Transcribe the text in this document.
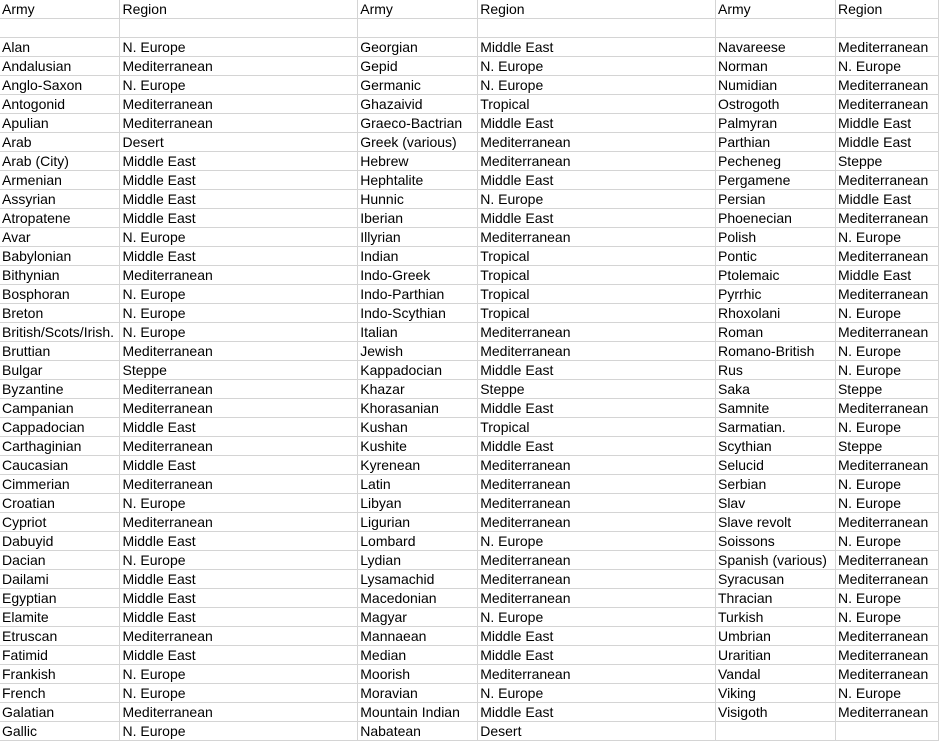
Army	Region	Army	Region	Army	Region

Alan	N. Europe	Georgian	Middle East	Navareese	Mediterranean
Andalusian	Mediterranean	Gepid	N. Europe	Norman	N. Europe
Anglo-Saxon	N. Europe	Germanic	N. Europe	Numidian	Mediterranean
Antogonid	Mediterranean	Ghazaivid	Tropical	Ostrogoth	Mediterranean
Apulian	Mediterranean	Graeco-Bactrian	Middle East	Palmyran	Middle East
Arab	Desert	Greek (various)	Mediterranean	Parthian	Middle East
Arab (City)	Middle East	Hebrew	Mediterranean	Pecheneg	Steppe
Armenian	Middle East	Hephtalite	Middle East	Pergamene	Mediterranean
Assyrian	Middle East	Hunnic	N. Europe	Persian	Middle East
Atropatene	Middle East	Iberian	Middle East	Phoenecian	Mediterranean
Avar	N. Europe	Illyrian	Mediterranean	Polish	N. Europe
Babylonian	Middle East	Indian	Tropical	Pontic	Mediterranean
Bithynian	Mediterranean	Indo-Greek	Tropical	Ptolemaic	Middle East
Bosphoran	N. Europe	Indo-Parthian	Tropical	Pyrrhic	Mediterranean
Breton	N. Europe	Indo-Scythian	Tropical	Rhoxolani	N. Europe
British/Scots/Irish.	N. Europe	Italian	Mediterranean	Roman	Mediterranean
Bruttian	Mediterranean	Jewish	Mediterranean	Romano-British	N. Europe
Bulgar	Steppe	Kappadocian	Middle East	Rus	N. Europe
Byzantine	Mediterranean	Khazar	Steppe	Saka	Steppe
Campanian	Mediterranean	Khorasanian	Middle East	Samnite	Mediterranean
Cappadocian	Middle East	Kushan	Tropical	Sarmatian.	N. Europe
Carthaginian	Mediterranean	Kushite	Middle East	Scythian	Steppe
Caucasian	Middle East	Kyrenean	Mediterranean	Selucid	Mediterranean
Cimmerian	Mediterranean	Latin	Mediterranean	Serbian	N. Europe
Croatian	N. Europe	Libyan	Mediterranean	Slav	N. Europe
Cypriot	Mediterranean	Ligurian	Mediterranean	Slave revolt	Mediterranean
Dabuyid	Middle East	Lombard	N. Europe	Soissons	N. Europe
Dacian	N. Europe	Lydian	Mediterranean	Spanish (various)	Mediterranean
Dailami	Middle East	Lysamachid	Mediterranean	Syracusan	Mediterranean
Egyptian	Middle East	Macedonian	Mediterranean	Thracian	N. Europe
Elamite	Middle East	Magyar	N. Europe	Turkish	N. Europe
Etruscan	Mediterranean	Mannaean	Middle East	Umbrian	Mediterranean
Fatimid	Middle East	Median	Middle East	Uraritian	Mediterranean
Frankish	N. Europe	Moorish	Mediterranean	Vandal	Mediterranean
French	N. Europe	Moravian	N. Europe	Viking	N. Europe
Galatian	Mediterranean	Mountain Indian	Middle East	Visigoth	Mediterranean
Gallic	N. Europe	Nabatean	Desert		
